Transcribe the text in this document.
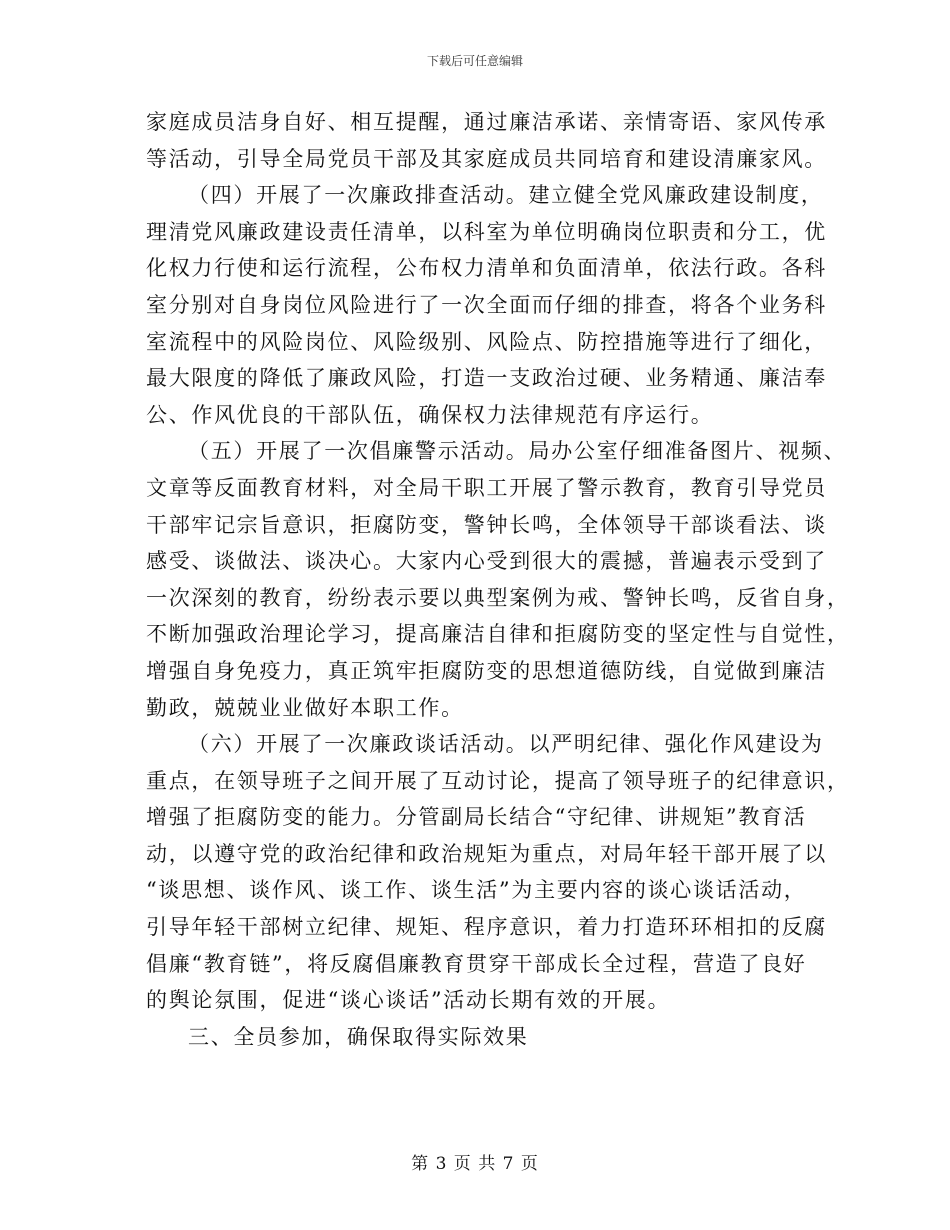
下载后可任意编辑
家庭成员洁身自好、相互提醒，通过廉洁承诺、亲情寄语、家风传承
等活动，引导全局党员干部及其家庭成员共同培育和建设清廉家风。
（四）开展了一次廉政排查活动。建立健全党风廉政建设制度，
理清党风廉政建设责任清单，以科室为单位明确岗位职责和分工，优
化权力行使和运行流程，公布权力清单和负面清单，依法行政。各科
室分别对自身岗位风险进行了一次全面而仔细的排查，将各个业务科
室流程中的风险岗位、风险级别、风险点、防控措施等进行了细化，
最大限度的降低了廉政风险，打造一支政治过硬、业务精通、廉洁奉
公、作风优良的干部队伍，确保权力法律规范有序运行。
（五）开展了一次倡廉警示活动。局办公室仔细准备图片、视频、
文章等反面教育材料，对全局干职工开展了警示教育，教育引导党员
干部牢记宗旨意识，拒腐防变，警钟长鸣，全体领导干部谈看法、谈
感受、谈做法、谈决心。大家内心受到很大的震撼，普遍表示受到了
一次深刻的教育，纷纷表示要以典型案例为戒、警钟长鸣，反省自身，
不断加强政治理论学习，提高廉洁自律和拒腐防变的坚定性与自觉性，
增强自身免疫力，真正筑牢拒腐防变的思想道德防线，自觉做到廉洁
勤政，兢兢业业做好本职工作。
（六）开展了一次廉政谈话活动。以严明纪律、强化作风建设为
重点，在领导班子之间开展了互动讨论，提高了领导班子的纪律意识，
增强了拒腐防变的能力。分管副局长结合“守纪律、讲规矩”教育活
动，以遵守党的政治纪律和政治规矩为重点，对局年轻干部开展了以
“谈思想、谈作风、谈工作、谈生活”为主要内容的谈心谈话活动，
引导年轻干部树立纪律、规矩、程序意识，着力打造环环相扣的反腐
倡廉“教育链”，将反腐倡廉教育贯穿干部成长全过程，营造了良好
的舆论氛围，促进“谈心谈话”活动长期有效的开展。
三、全员参加，确保取得实际效果
第 3 页 共 7 页
